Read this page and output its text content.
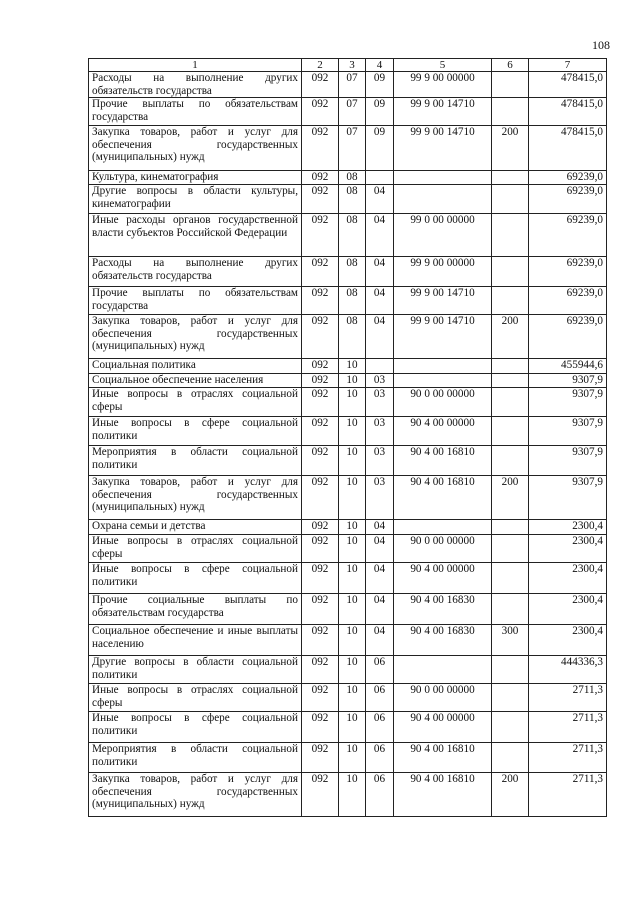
108
1	2	3	4	5	6	7
Расходы на выполнение других обязательств государства	092	07	09	99 9 00 00000		478415,0
Прочие выплаты по обязательствам государства	092	07	09	99 9 00 14710		478415,0
Закупка товаров, работ и услуг для обеспечения государственных (муниципальных) нужд	092	07	09	99 9 00 14710	200	478415,0
Культура, кинематография	092	08				69239,0
Другие вопросы в области культуры, кинематографии	092	08	04			69239,0
Иные расходы органов государственной власти субъектов Российской Федерации	092	08	04	99 0 00 00000		69239,0
Расходы на выполнение других обязательств государства	092	08	04	99 9 00 00000		69239,0
Прочие выплаты по обязательствам государства	092	08	04	99 9 00 14710		69239,0
Закупка товаров, работ и услуг для обеспечения государственных (муниципальных) нужд	092	08	04	99 9 00 14710	200	69239,0
Социальная политика	092	10				455944,6
Социальное обеспечение населения	092	10	03			9307,9
Иные вопросы в отраслях социальной сферы	092	10	03	90 0 00 00000		9307,9
Иные вопросы в сфере социальной политики	092	10	03	90 4 00 00000		9307,9
Мероприятия в области социальной политики	092	10	03	90 4 00 16810		9307,9
Закупка товаров, работ и услуг для обеспечения государственных (муниципальных) нужд	092	10	03	90 4 00 16810	200	9307,9
Охрана семьи и детства	092	10	04			2300,4
Иные вопросы в отраслях социальной сферы	092	10	04	90 0 00 00000		2300,4
Иные вопросы в сфере социальной политики	092	10	04	90 4 00 00000		2300,4
Прочие социальные выплаты по обязательствам государства	092	10	04	90 4 00 16830		2300,4
Социальное обеспечение и иные выплаты населению	092	10	04	90 4 00 16830	300	2300,4
Другие вопросы в области социальной политики	092	10	06			444336,3
Иные вопросы в отраслях социальной сферы	092	10	06	90 0 00 00000		2711,3
Иные вопросы в сфере социальной политики	092	10	06	90 4 00 00000		2711,3
Мероприятия в области социальной политики	092	10	06	90 4 00 16810		2711,3
Закупка товаров, работ и услуг для обеспечения государственных (муниципальных) нужд	092	10	06	90 4 00 16810	200	2711,3
